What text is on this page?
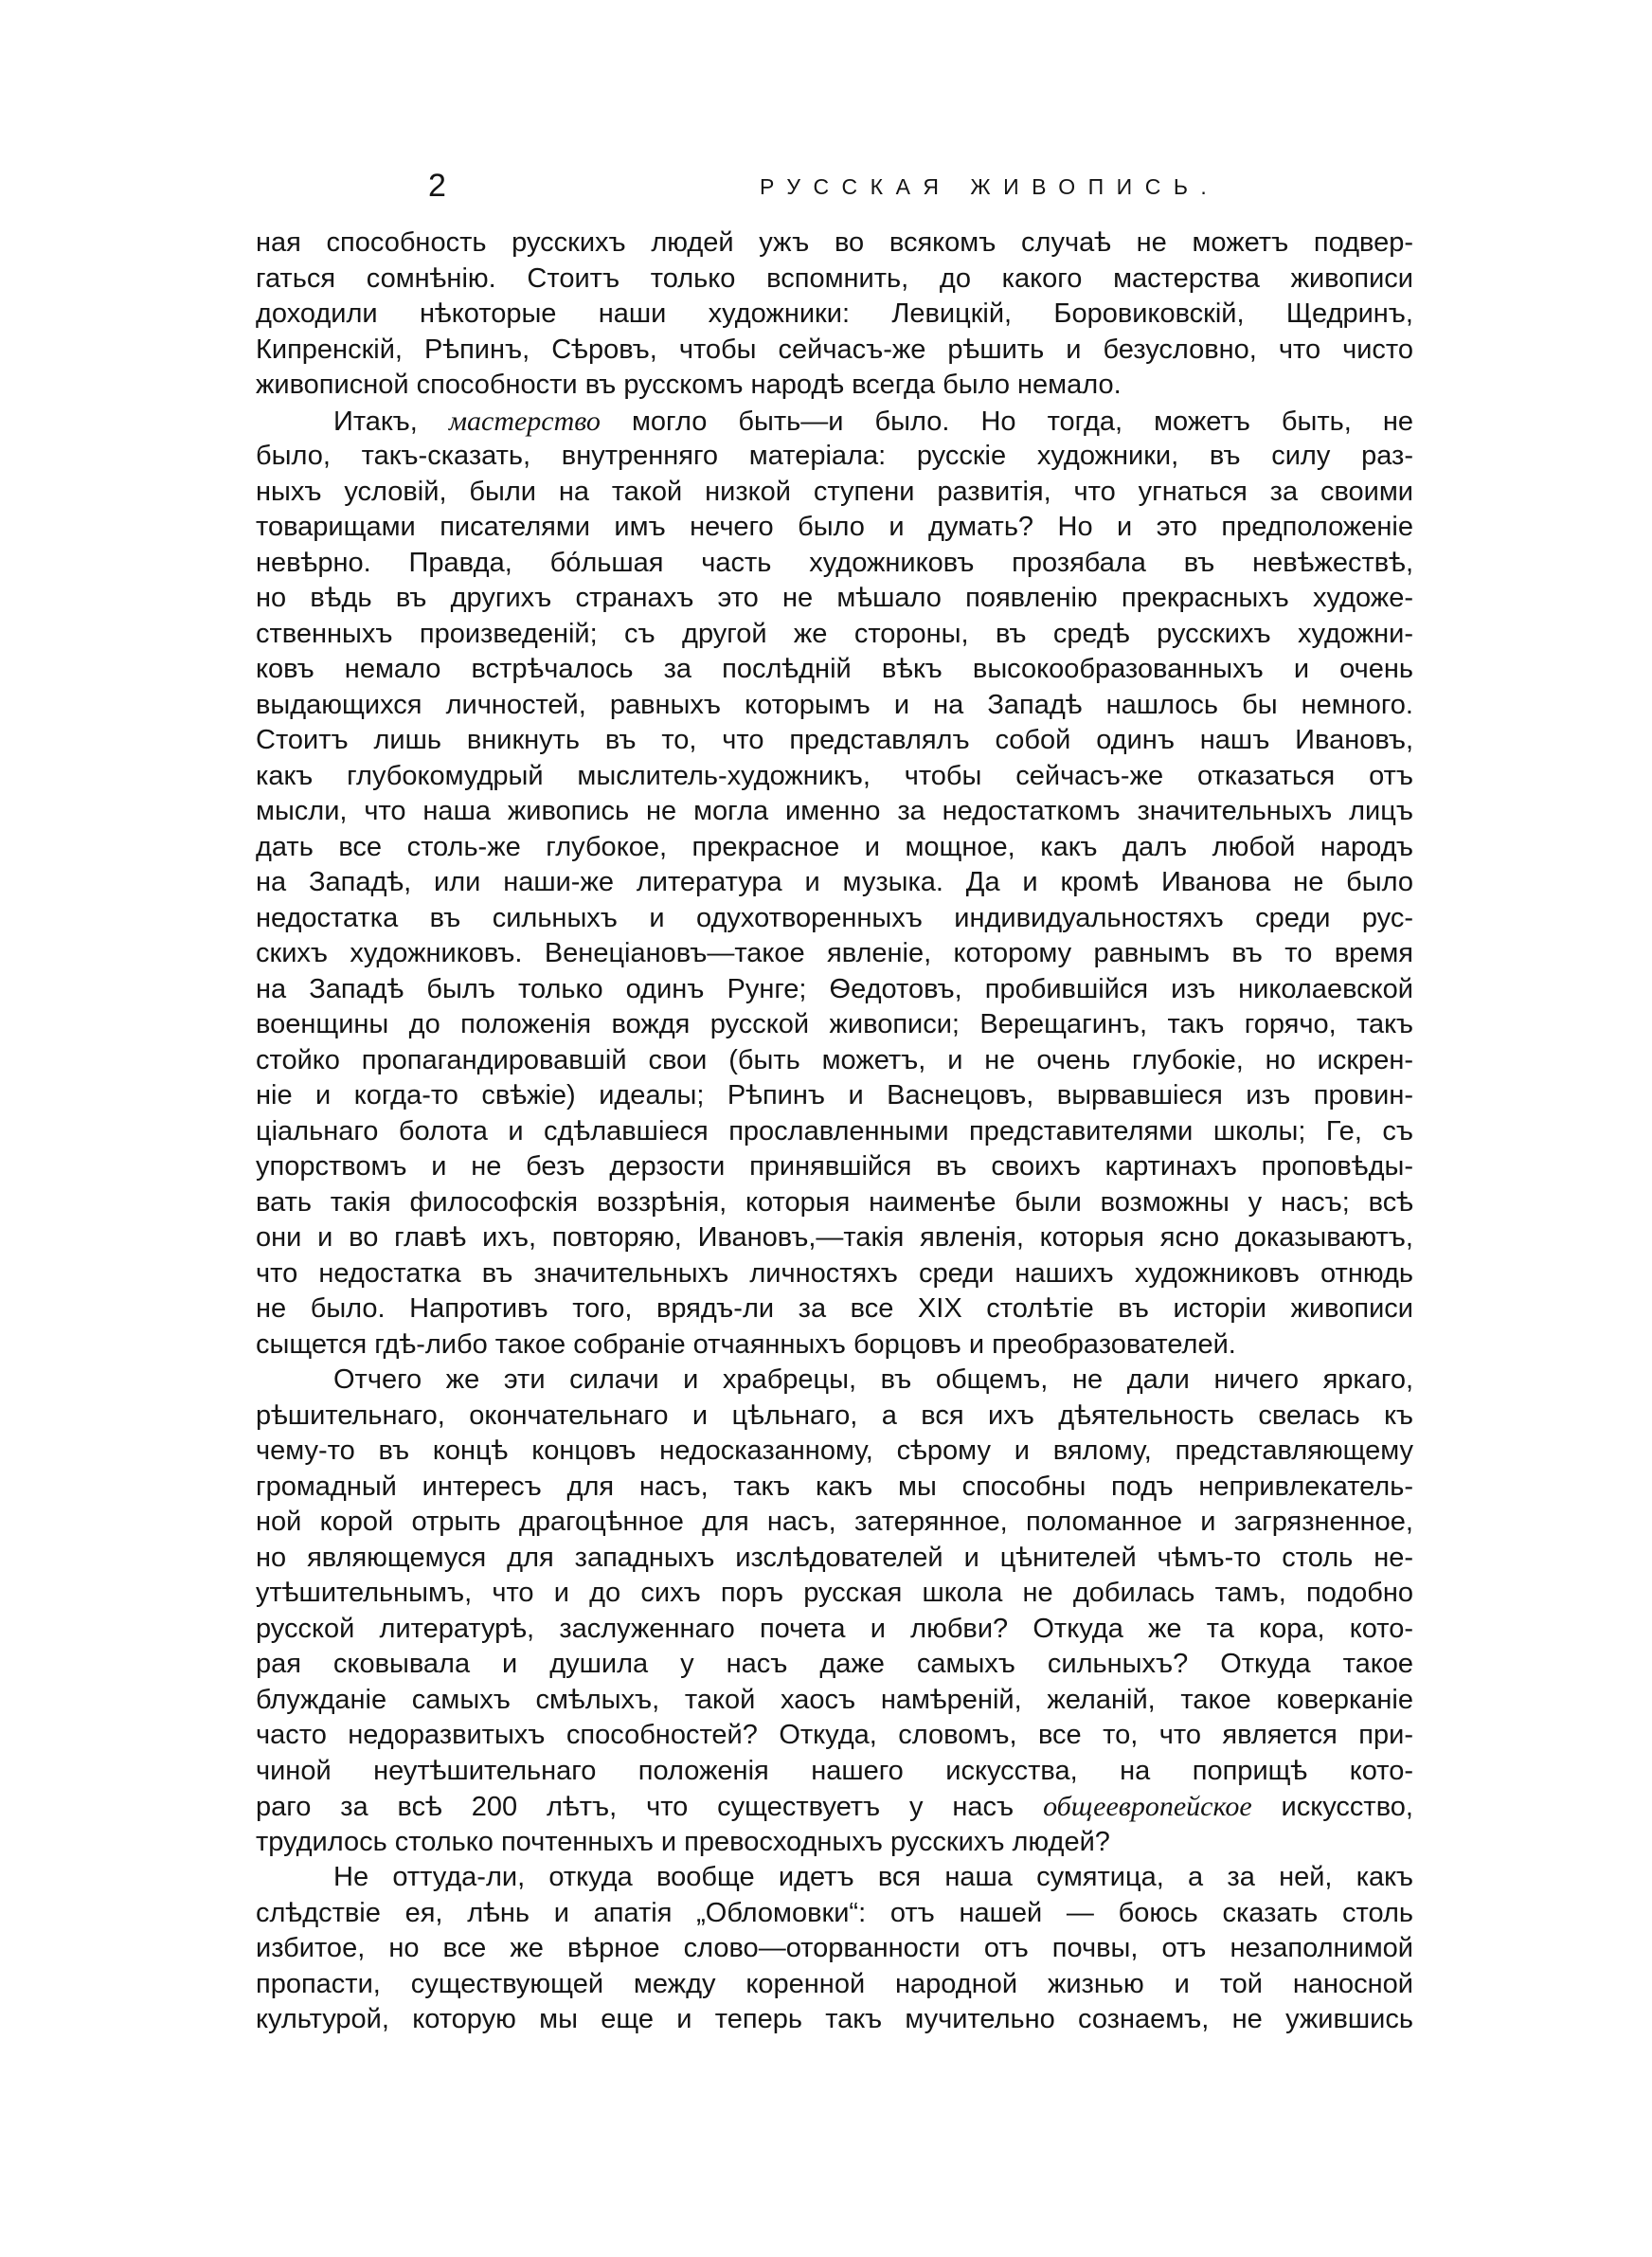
2	РУССКАЯ ЖИВОПИСЬ.
ная способность русскихъ людей ужъ во всякомъ случаѣ не можетъ подвер-
гаться сомнѣнію. Стоитъ только вспомнить, до какого мастерства живописи
доходили нѣкоторые наши художники: Левицкій, Боровиковскій, Щедринъ,
Кипренскій, Рѣпинъ, Сѣровъ, чтобы сейчасъ-же рѣшить и безусловно, что чисто
живописной способности въ русскомъ народѣ всегда было немало.
Итакъ, мастерство могло быть—и было. Но тогда, можетъ быть, не
было, такъ-сказать, внутренняго матеріала: русскіе художники, въ силу раз-
ныхъ условій, были на такой низкой ступени развитія, что угнаться за своими
товарищами писателями имъ нечего было и думать? Но и это предположеніе
невѣрно. Правда, бо́льшая часть художниковъ прозябала въ невѣжествѣ,
но вѣдь въ другихъ странахъ это не мѣшало появленію прекрасныхъ художе-
ственныхъ произведеній; съ другой же стороны, въ средѣ русскихъ художни-
ковъ немало встрѣчалось за послѣдній вѣкъ высокообразованныхъ и очень
выдающихся личностей, равныхъ которымъ и на Западѣ нашлось бы немного.
Стоитъ лишь вникнуть въ то, что представлялъ собой одинъ нашъ Ивановъ,
какъ глубокомудрый мыслитель-художникъ, чтобы сейчасъ-же отказаться отъ
мысли, что наша живопись не могла именно за недостаткомъ значительныхъ лицъ
дать все столь-же глубокое, прекрасное и мощное, какъ далъ любой народъ
на Западѣ, или наши-же литература и музыка. Да и кромѣ Иванова не было
недостатка въ сильныхъ и одухотворенныхъ индивидуальностяхъ среди рус-
скихъ художниковъ. Венеціановъ—такое явленіе, которому равнымъ въ то время
на Западѣ былъ только одинъ Рунге; Ѳедотовъ, пробившійся изъ николаевской
военщины до положенія вождя русской живописи; Верещагинъ, такъ горячо, такъ
стойко пропагандировавшій свои (быть можетъ, и не очень глубокіе, но искрен-
ніе и когда-то свѣжіе) идеалы; Рѣпинъ и Васнецовъ, вырвавшіеся изъ провин-
ціальнаго болота и сдѣлавшіеся прославленными представителями школы; Ге, съ
упорствомъ и не безъ дерзости принявшійся въ своихъ картинахъ проповѣды-
вать такія философскія воззрѣнія, которыя наименѣе были возможны у насъ; всѣ
они и во главѣ ихъ, повторяю, Ивановъ,—такія явленія, которыя ясно доказываютъ,
что недостатка въ значительныхъ личностяхъ среди нашихъ художниковъ отнюдь
не было. Напротивъ того, врядъ-ли за все XIX столѣтіе въ исторіи живописи
сыщется гдѣ-либо такое собраніе отчаянныхъ борцовъ и преобразователей.
Отчего же эти силачи и храбрецы, въ общемъ, не дали ничего яркаго,
рѣшительнаго, окончательнаго и цѣльнаго, а вся ихъ дѣятельность свелась къ
чему-то въ концѣ концовъ недосказанному, сѣрому и вялому, представляющему
громадный интересъ для насъ, такъ какъ мы способны подъ непривлекатель-
ной корой отрыть драгоцѣнное для насъ, затерянное, поломанное и загрязненное,
но являющемуся для западныхъ изслѣдователей и цѣнителей чѣмъ-то столь не-
утѣшительнымъ, что и до сихъ поръ русская школа не добилась тамъ, подобно
русской литературѣ, заслуженнаго почета и любви? Откуда же та кора, кото-
рая сковывала и душила у насъ даже самыхъ сильныхъ? Откуда такое
блужданіе самыхъ смѣлыхъ, такой хаосъ намѣреній, желаній, такое коверканіе
часто недоразвитыхъ способностей? Откуда, словомъ, все то, что является при-
чиной неутѣшительнаго положенія нашего искусства, на поприщѣ кото-
раго за всѣ 200 лѣтъ, что существуетъ у насъ общеевропейское искусство,
трудилось столько почтенныхъ и превосходныхъ русскихъ людей?
Не оттуда-ли, откуда вообще идетъ вся наша сумятица, а за ней, какъ
слѣдствіе ея, лѣнь и апатія „Обломовки“: отъ нашей — боюсь сказать столь
избитое, но все же вѣрное слово—оторванности отъ почвы, отъ незаполнимой
пропасти, существующей между коренной народной жизнью и той наносной
культурой, которую мы еще и теперь такъ мучительно сознаемъ, не ужившись
